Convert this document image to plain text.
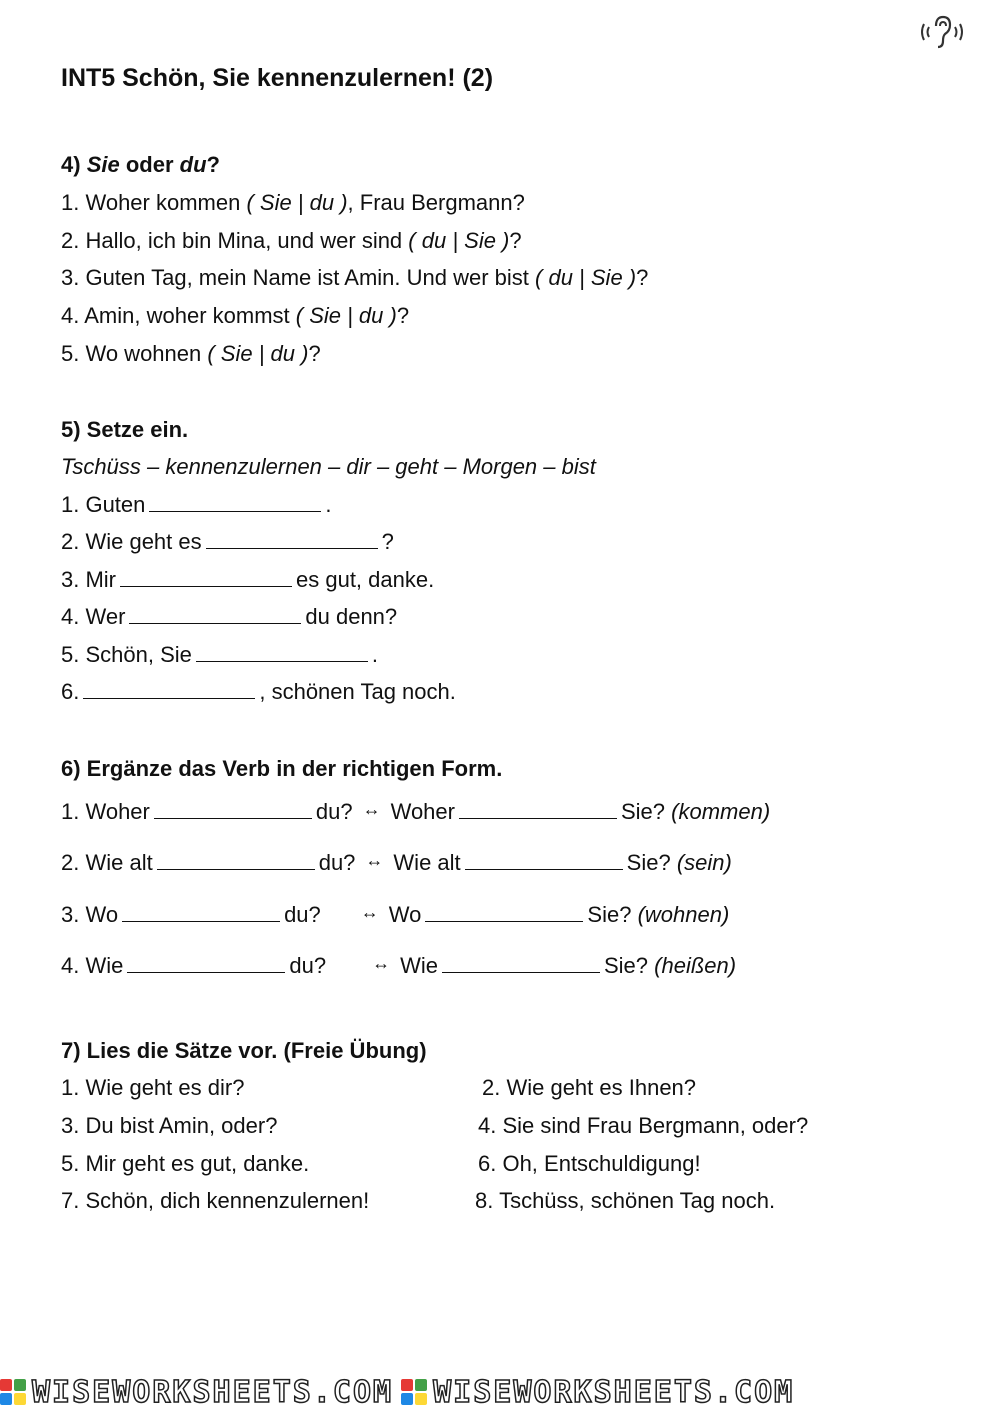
INT5 Schön, Sie kennenzulernen! (2)
4) Sie oder du?
1. Woher kommen ( Sie | du ), Frau Bergmann?
2. Hallo, ich bin Mina, und wer sind ( du | Sie )?
3. Guten Tag, mein Name ist Amin. Und wer bist ( du | Sie )?
4. Amin, woher kommst ( Sie | du )?
5. Wo wohnen ( Sie | du )?
5) Setze ein.
Tschüss – kennenzulernen – dir – geht – Morgen – bist
1. Guten	.
2. Wie geht es	?
3. Mir	es gut, danke.
4. Wer	du denn?
5. Schön, Sie	.
6.	, schönen Tag noch.
6) Ergänze das Verb in der richtigen Form.
1. Woher	du? ↔ Woher	Sie? (kommen)
2. Wie alt	du? ↔ Wie alt	Sie? (sein)
3. Wo	du? ↔ Wo	Sie? (wohnen)
4. Wie	du?	↔ Wie	Sie? (heißen)
7) Lies die Sätze vor. (Freie Übung)
1. Wie geht es dir?
3. Du bist Amin, oder?
5. Mir geht es gut, danke.
7. Schön, dich kennenzulernen!
2. Wie geht es Ihnen?
4. Sie sind Frau Bergmann, oder?
6. Oh, Entschuldigung!
8. Tschüss, schönen Tag noch.
WISEWORKSHEETS.COM WISEWORKSHEETS.COM
